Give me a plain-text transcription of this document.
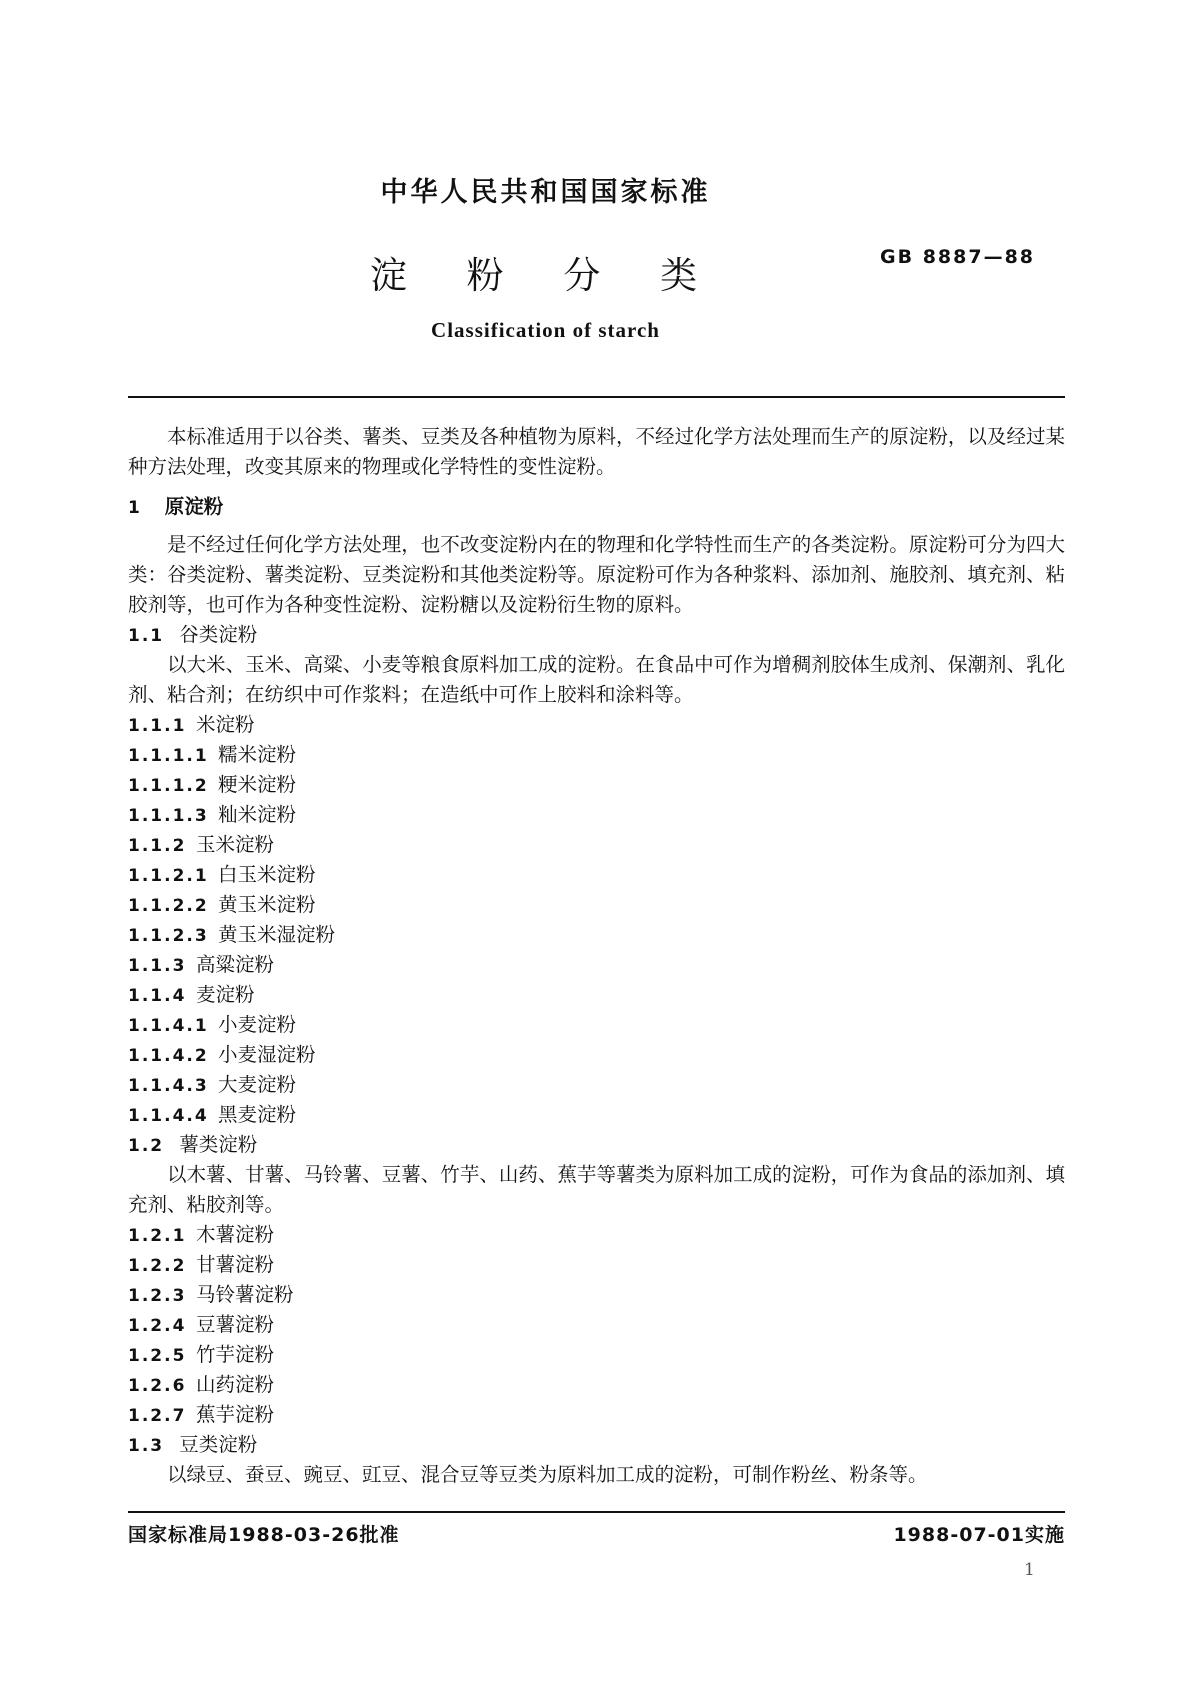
中华人民共和国国家标准
淀 粉 分 类	GB 8887—88
Classification of starch

本标准适用于以谷类、薯类、豆类及各种植物为原料，不经过化学方法处理而生产的原淀粉，以及经过某种方法处理，改变其原来的物理或化学特性的变性淀粉。

1 原淀粉

是不经过任何化学方法处理，也不改变淀粉内在的物理和化学特性而生产的各类淀粉。原淀粉可分为四大类：谷类淀粉、薯类淀粉、豆类淀粉和其他类淀粉等。原淀粉可作为各种浆料、添加剂、施胶剂、填充剂、粘胶剂等，也可作为各种变性淀粉、淀粉糖以及淀粉衍生物的原料。

1.1 谷类淀粉

以大米、玉米、高粱、小麦等粮食原料加工成的淀粉。在食品中可作为增稠剂胶体生成剂、保潮剂、乳化剂、粘合剂；在纺织中可作浆料；在造纸中可作上胶料和涂料等。

1.1.1 米淀粉
1.1.1.1 糯米淀粉
1.1.1.2 粳米淀粉
1.1.1.3 籼米淀粉
1.1.2 玉米淀粉
1.1.2.1 白玉米淀粉
1.1.2.2 黄玉米淀粉
1.1.2.3 黄玉米湿淀粉
1.1.3 高粱淀粉
1.1.4 麦淀粉
1.1.4.1 小麦淀粉
1.1.4.2 小麦湿淀粉
1.1.4.3 大麦淀粉
1.1.4.4 黑麦淀粉
1.2 薯类淀粉

以木薯、甘薯、马铃薯、豆薯、竹芋、山药、蕉芋等薯类为原料加工成的淀粉，可作为食品的添加剂、填充剂、粘胶剂等。

1.2.1 木薯淀粉
1.2.2 甘薯淀粉
1.2.3 马铃薯淀粉
1.2.4 豆薯淀粉
1.2.5 竹芋淀粉
1.2.6 山药淀粉
1.2.7 蕉芋淀粉
1.3 豆类淀粉

以绿豆、蚕豆、豌豆、豇豆、混合豆等豆类为原料加工成的淀粉，可制作粉丝、粉条等。

国家标准局1988-03-26批准	1988-07-01实施
1
